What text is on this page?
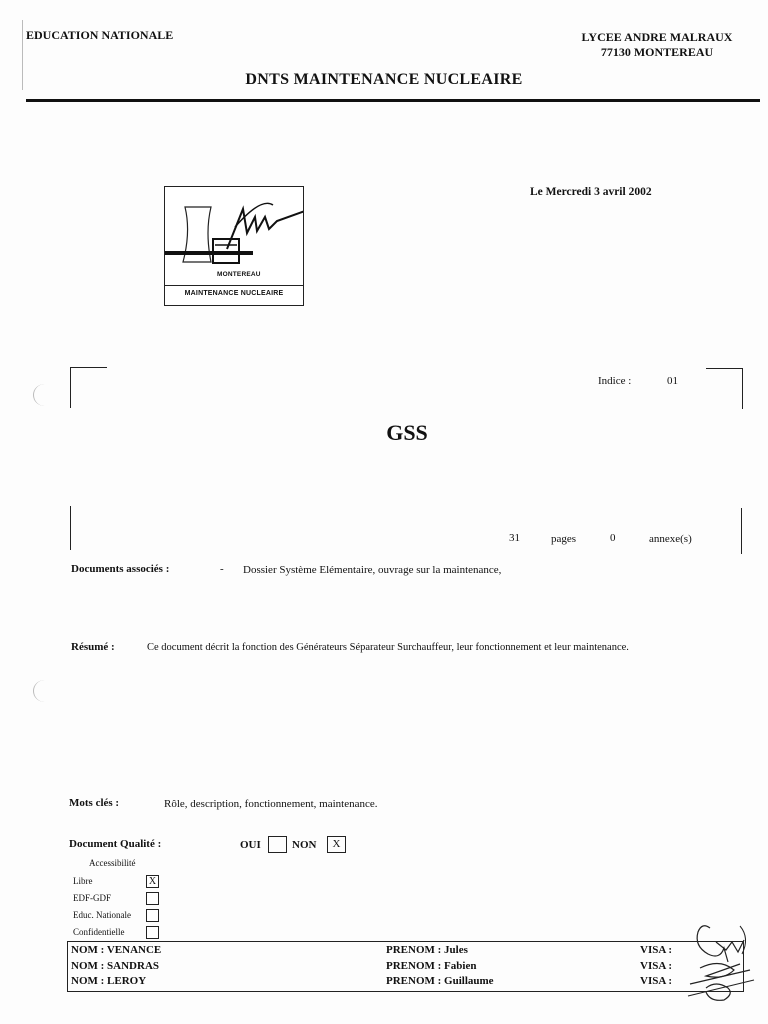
EDUCATION NATIONALE	LYCEE ANDRE MALRAUX
77130 MONTEREAU
DNTS MAINTENANCE NUCLEAIRE
Le Mercredi 3 avril 2002
MONTEREAU
MAINTENANCE NUCLEAIRE
Indice :	01
GSS
31	pages	0	annexe(s)
Documents associés :	- Dossier Système Elémentaire, ouvrage sur la maintenance,
Résumé :	Ce document décrit la fonction des Générateurs Séparateur Surchauffeur, leur fonctionnement et leur maintenance.
Mots clés :	Rôle, description, fonctionnement, maintenance.
Document Qualité :	OUI	NON	X
Accessibilité
Libre	X
EDF-GDF
Educ. Nationale
Confidentielle
NOM : VENANCE	PRENOM : Jules	VISA :
NOM : SANDRAS	PRENOM : Fabien	VISA :
NOM : LEROY	PRENOM : Guillaume	VISA :
